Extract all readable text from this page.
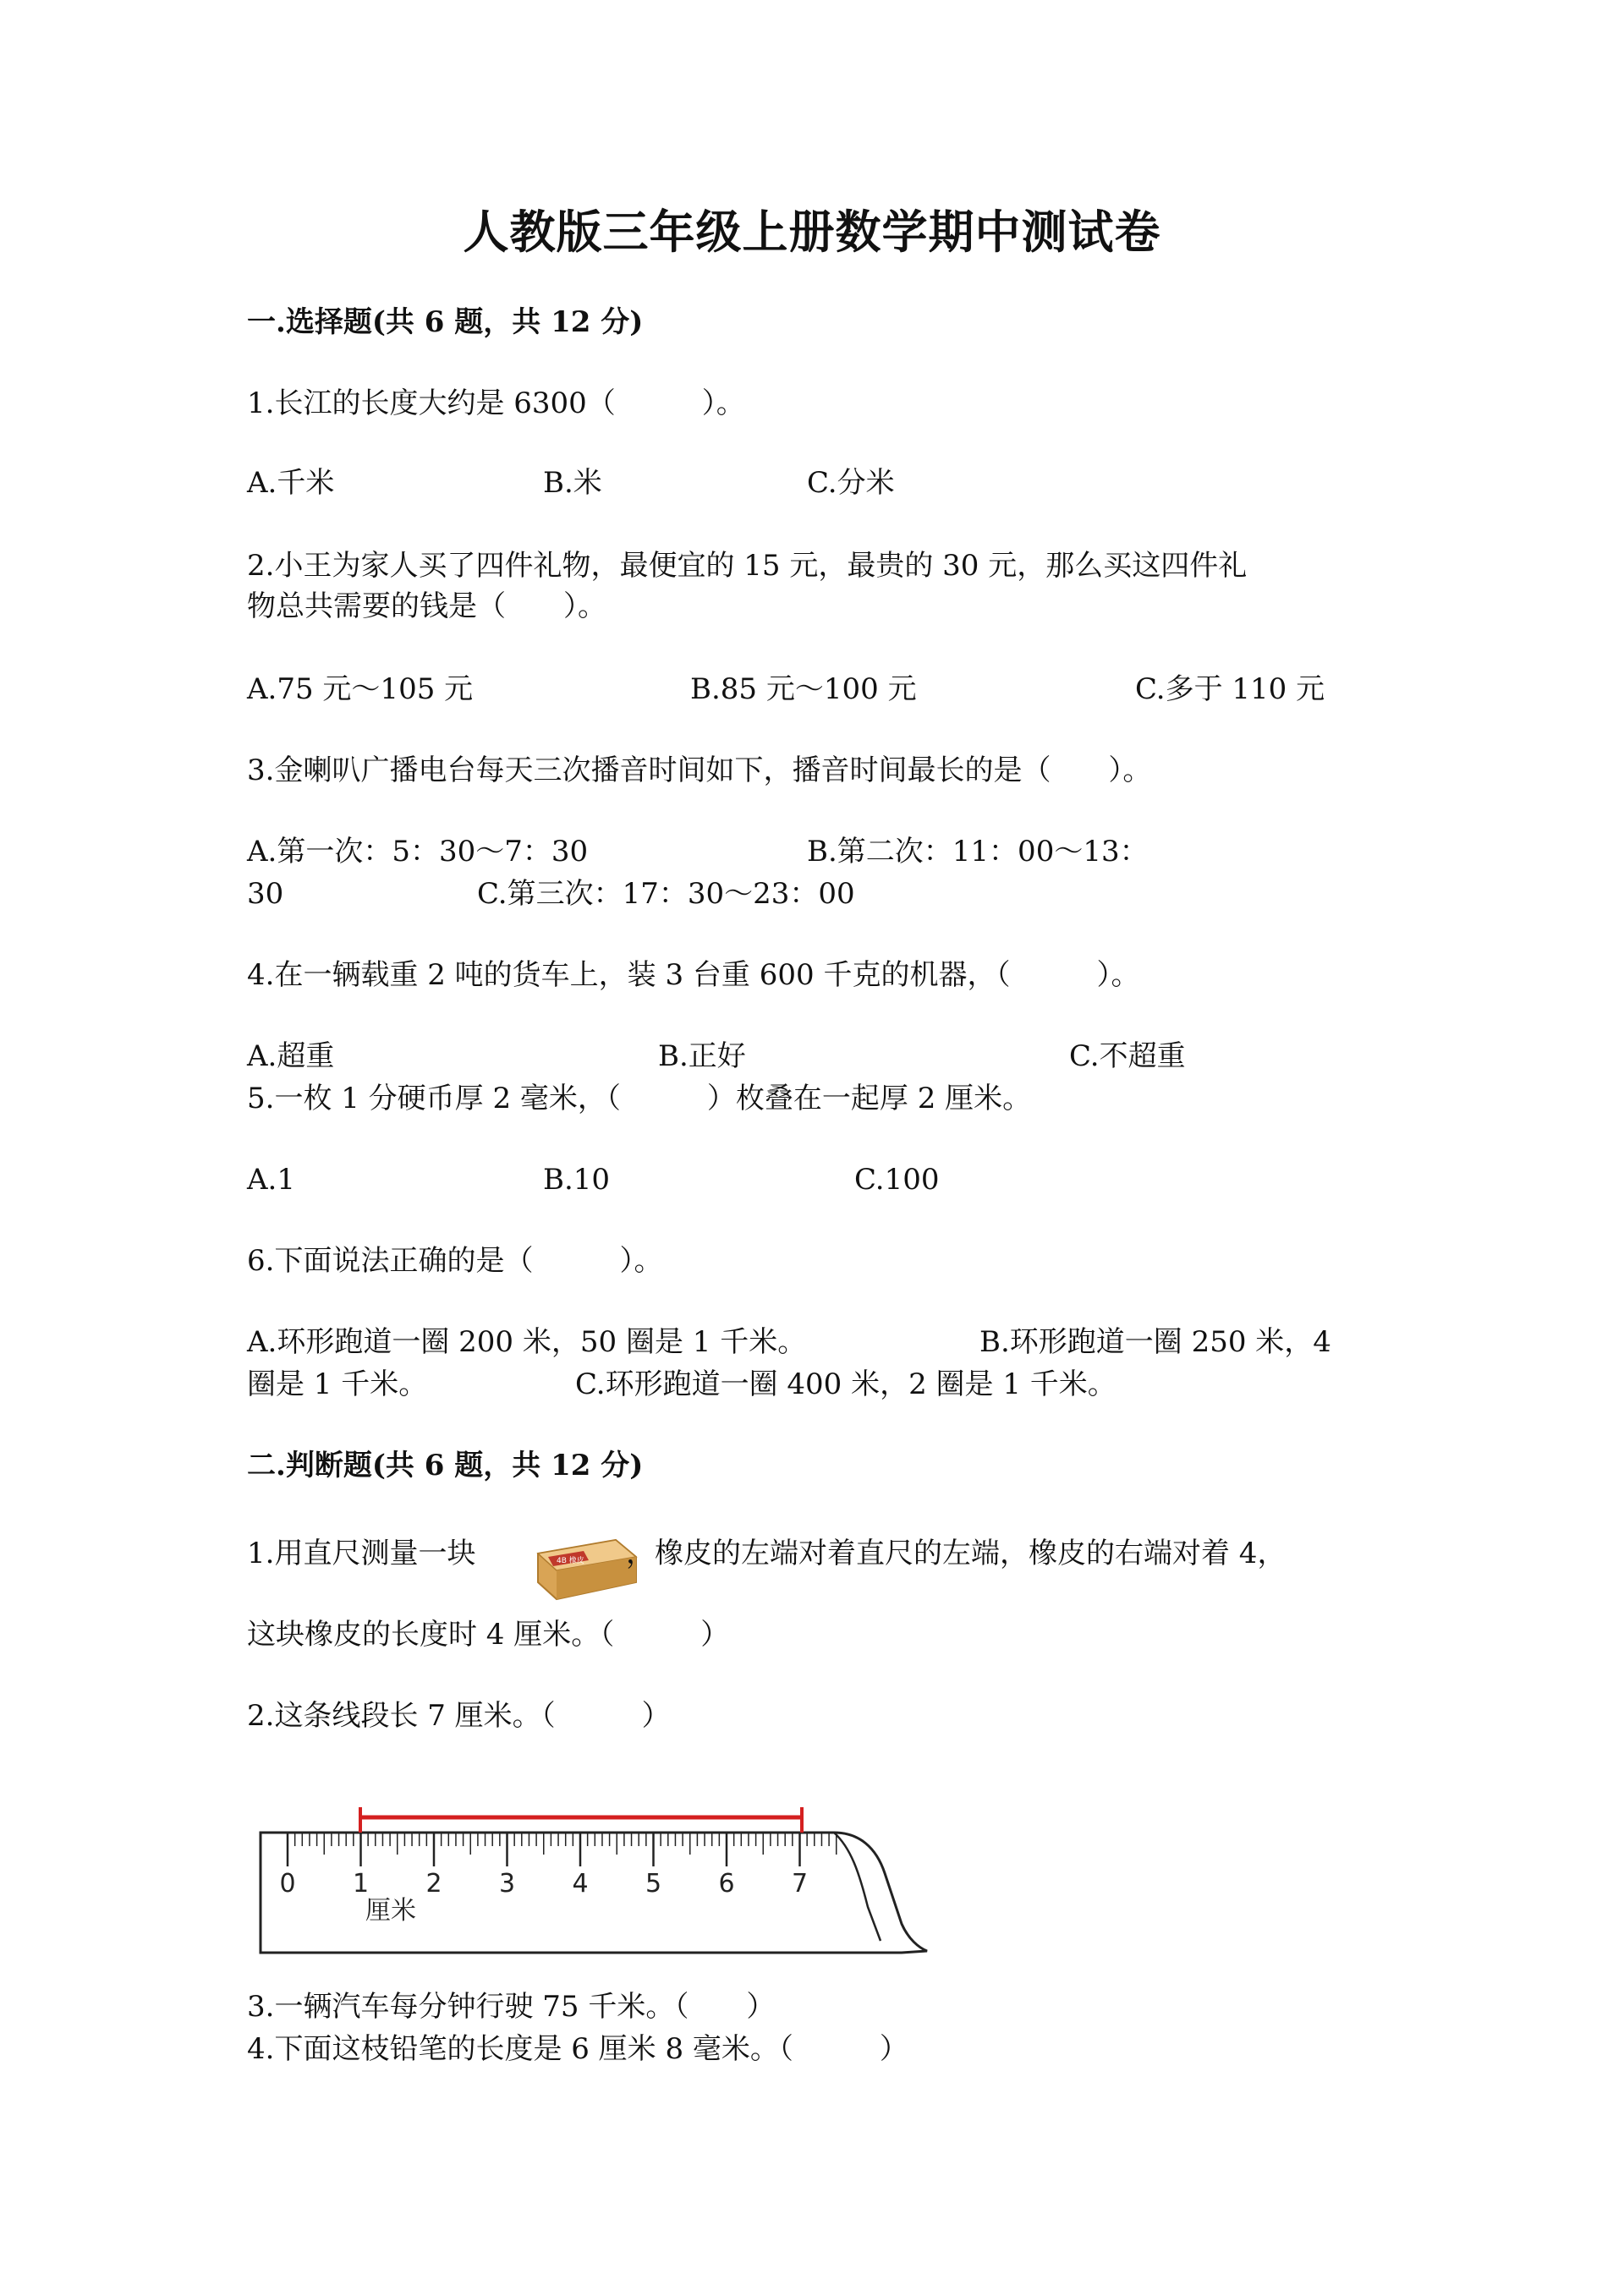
人教版三年级上册数学期中测试卷
一.选择题(共 6 题，共 12 分)
1.长江的长度大约是 6300（　　　）。
A.千米	B.米	C.分米
2.小王为家人买了四件礼物，最便宜的 15 元，最贵的 30 元，那么买这四件礼
物总共需要的钱是（　　）。
A.75 元～105 元	B.85 元～100 元	C.多于 110 元
3.金喇叭广播电台每天三次播音时间如下，播音时间最长的是（　　）。
A.第一次：5：30～7：30	B.第二次：11：00～13：
30	C.第三次：17：30～23：00
4.在一辆载重 2 吨的货车上，装 3 台重 600 千克的机器，（　　　）。
A.超重	B.正好	C.不超重
5.一枚 1 分硬币厚 2 毫米，（　　　）枚叠在一起厚 2 厘米。
A.1	B.10	C.100
6.下面说法正确的是（　　　）。
A.环形跑道一圈 200 米，50 圈是 1 千米。	B.环形跑道一圈 250 米，4
圈是 1 千米。	C.环形跑道一圈 400 米，2 圈是 1 千米。
二.判断题(共 6 题，共 12 分)
1.用直尺测量一块	4B 橡皮 ，橡皮的左端对着直尺的左端，橡皮的右端对着 4，
这块橡皮的长度时 4 厘米。（　　　）
2.这条线段长 7 厘米。（　　　）
0 1 2 3 4 5 6 7
厘米
3.一辆汽车每分钟行驶 75 千米。（　　）
4.下面这枝铅笔的长度是 6 厘米 8 毫米。（　　　）
